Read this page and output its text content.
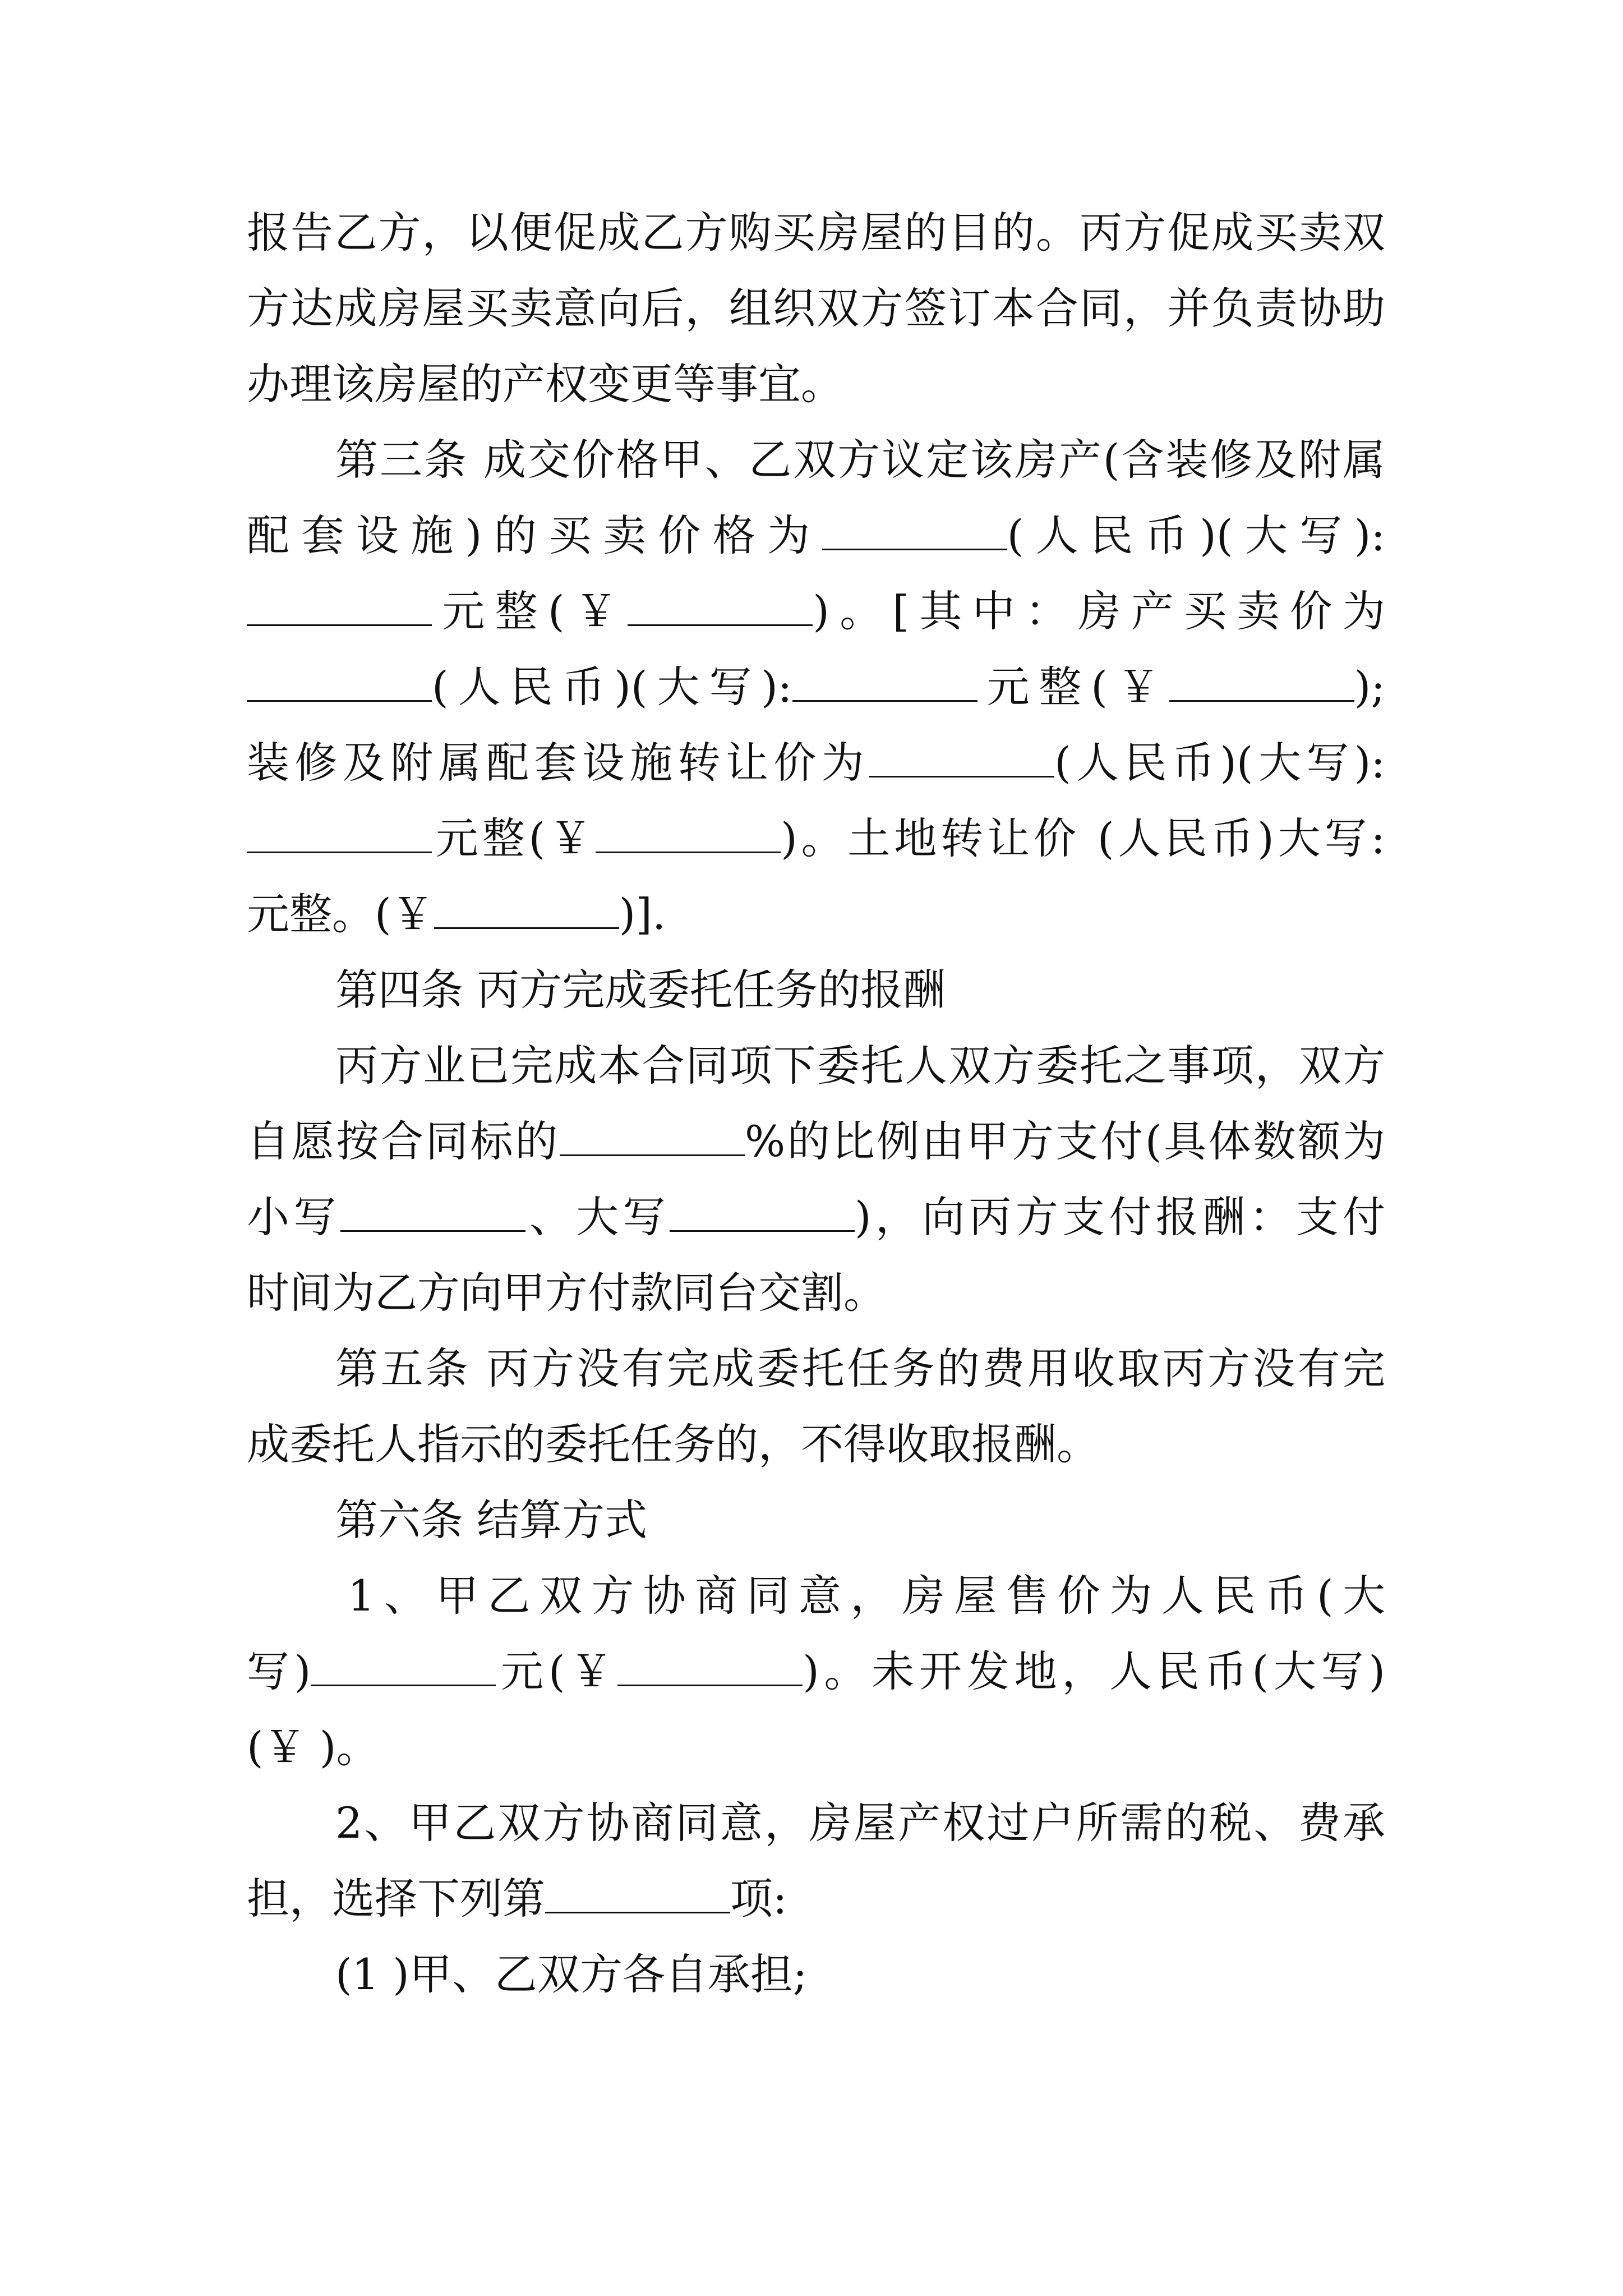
报告乙方，以便促成乙方购买房屋的目的。丙方促成买卖双
方达成房屋买卖意向后，组织双方签订本合同，并负责协助
办理该房屋的产权变更等事宜。
第三条 成交价格甲、乙双方议定该房产(含装修及附属
配套设施)的买卖价格为	(人民币)(大写):
元整(￥	)。[其中：房产买卖价为
(人民币)(大写):	元整(￥	);
装修及附属配套设施转让价为	(人民币)(大写):
元整(￥	)。土地转让价 (人民币)大写:
元整。(￥	)].
第四条 丙方完成委托任务的报酬
丙方业已完成本合同项下委托人双方委托之事项，双方
自愿按合同标的	%的比例由甲方支付(具体数额为
小写	、大写	)，向丙方支付报酬：支付
时间为乙方向甲方付款同台交割。
第五条 丙方没有完成委托任务的费用收取丙方没有完
成委托人指示的委托任务的，不得收取报酬。
第六条 结算方式
1、甲乙双方协商同意，房屋售价为人民币(大
写)	元(￥	)。未开发地，人民币(大写)
(￥ )。
2、甲乙双方协商同意，房屋产权过户所需的税、费承
担，选择下列第	项:
(1 )甲、乙双方各自承担;
